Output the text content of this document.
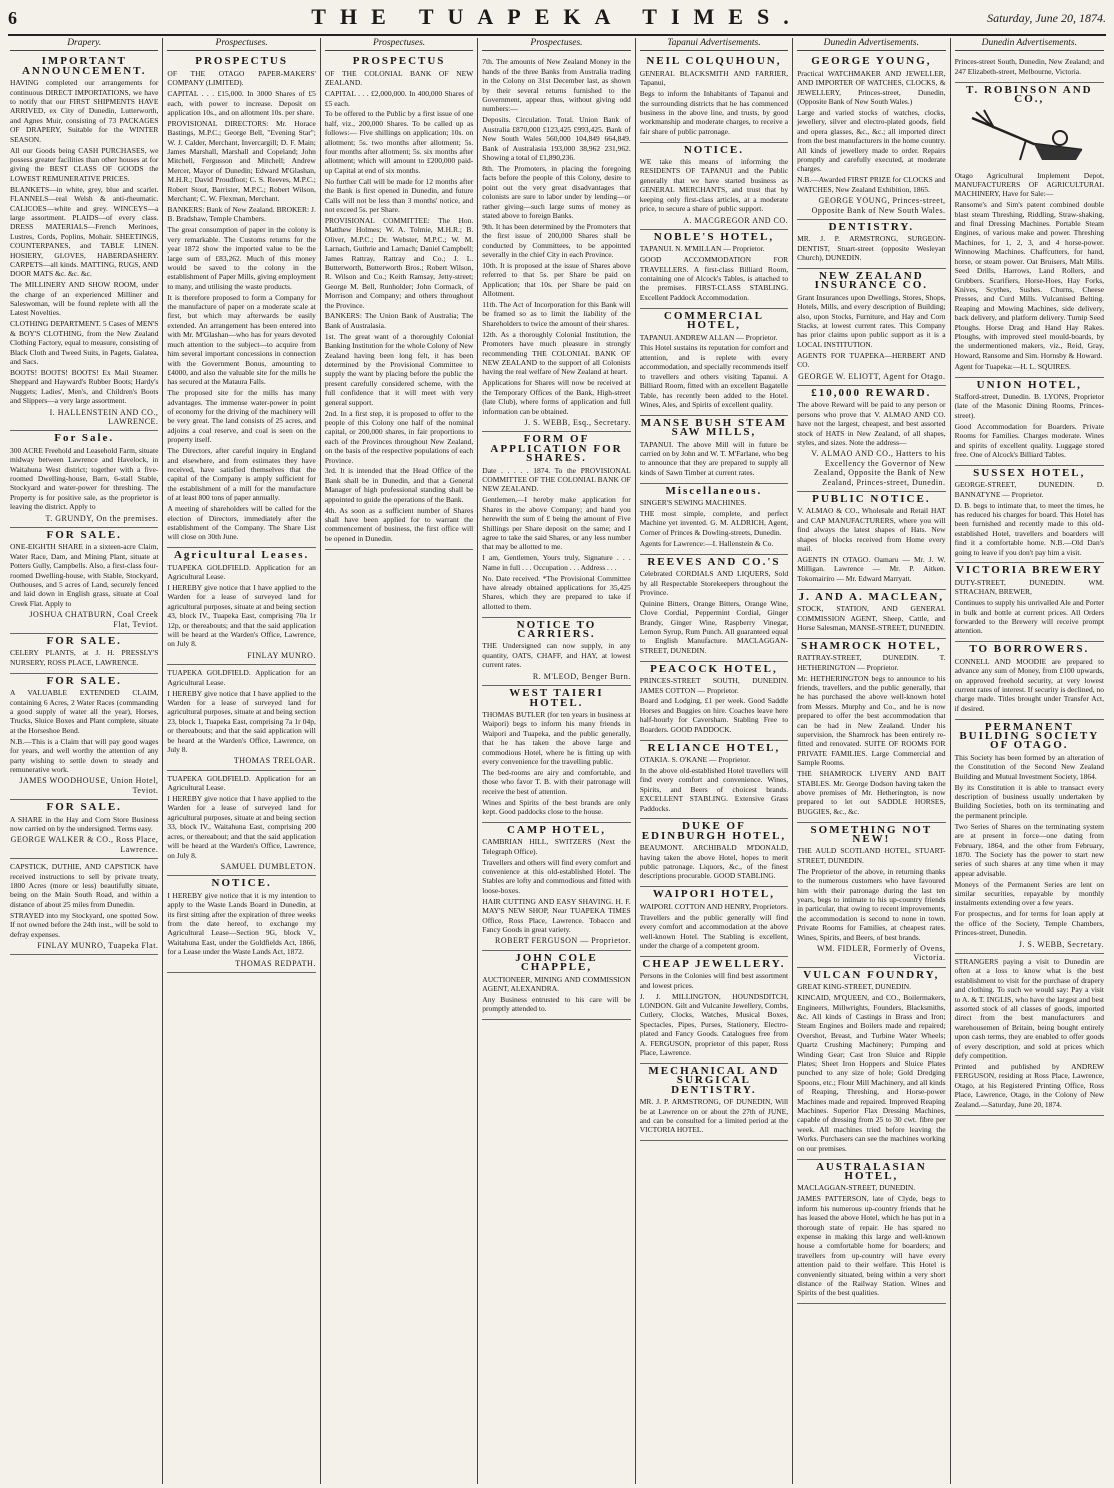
6	THE TUAPEKA TIMES.	Saturday, June 20, 1874.
Drapery.
IMPORTANT ANNOUNCEMENT.

HAVING completed our arrangements for continuous DIRECT IMPORTATIONS, we have to notify that our FIRST SHIPMENTS HAVE ARRIVED, ex City of Dunedin, Lutterworth, and Agnes Muir, consisting of 73 PACKAGES OF DRAPERY, Suitable for the WINTER SEASON.

All our Goods being CASH PURCHASES, we possess greater facilities than other houses at for giving the BEST CLASS OF GOODS the LOWEST REMUNERATIVE PRICES.

BLANKETS—in white, grey, blue and scarlet. FLANNELS—real Welsh & anti-rheumatic. CALICOES—white and grey. WINCEYS—a large assortment. PLAIDS—of every class. DRESS MATERIALS—French Merinoes, Lustres, Cords, Poplins, Mohair. SHEETINGS, COUNTERPANES, and TABLE LINEN. HOSIERY, GLOVES, HABERDASHERY. CARPETS—all kinds. MATTING, RUGS, AND DOOR MATS &c. &c. &c.

The MILLINERY AND SHOW ROOM, under the charge of an experienced Milliner and Saleswoman, will be found replete with all the Latest Novelties.

CLOTHING DEPARTMENT. 5 Cases of MEN'S & BOY'S CLOTHING, from the New Zealand Clothing Factory, equal to measure, consisting of Black Cloth and Tweed Suits, in Pagets, Galatea, and Sacs.

BOOTS! BOOTS! BOOTS! Ex Mail Steamer. Sheppard and Hayward's Rubber Boots; Hardy's Nuggets; Ladies', Men's, and Children's Boots and Slippers—a very large assortment.

I. HALLENSTEIN AND CO., LAWRENCE.
For Sale.

300 ACRE Freehold and Leasehold Farm, situate midway between Lawrence and Havelock, in Waitahuna West district; together with a five-roomed Dwelling-house, Barn, 6-stall Stable, Stockyard and water-power for threshing. The Property is for positive sale, as the proprietor is leaving the district. Apply to

T. GRUNDY, On the premises.
FOR SALE.

ONE-EIGHTH SHARE in a sixteen-acre Claim, Water Race, Dam, and Mining Plant, situate at Potters Gully, Campbells. Also, a first-class four-roomed Dwelling-house, with Stable, Stockyard, Outhouses, and 5 acres of Land, securely fenced and laid down in English grass, situate at Coal Creek Flat. Apply to

JOSHUA CHATBURN, Coal Creek Flat, Teviot.
FOR SALE.

CELERY PLANTS, at J. H. PRESSLY'S NURSERY, ROSS PLACE, LAWRENCE.

FOR SALE.

A VALUABLE EXTENDED CLAIM, containing 6 Acres, 2 Water Races (commanding a good supply of water all the year), Horses, Trucks, Sluice Boxes and Plant complete, situate at the Horseshoe Bend.

N.B.—This is a Claim that will pay good wages for years, and well worthy the attention of any party wishing to settle down to steady and remunerative work.

JAMES WOODHOUSE, Union Hotel, Teviot.
FOR SALE.

A SHARE in the Hay and Corn Store Business now carried on by the undersigned. Terms easy.

GEORGE WALKER & CO., Ross Place, Lawrence.

CAPSTICK, DUTHIE, AND CAPSTICK have received instructions to sell by private treaty, 1800 Acres (more or less) beautifully situate, being on the Main South Road, and within a distance of about 25 miles from Dunedin.

STRAYED into my Stockyard, one spotted Sow. If not owned before the 24th inst., will be sold to defray expenses.

FINLAY MUNRO, Tuapeka Flat.
Prospectuses.
PROSPECTUS

OF THE OTAGO PAPER-MAKERS' COMPANY (LIMITED).

CAPITAL . . . £15,000. In 3000 Shares of £5 each, with power to increase. Deposit on application 10s., and on allotment 10s. per share.

PROVISIONAL DIRECTORS: Mr. Horace Bastings, M.P.C.; George Bell, "Evening Star"; W. J. Calder, Merchant, Invercargill; D. F. Main; James Marshall, Marshall and Copeland; John Mitchell, Fergusson and Mitchell; Andrew Mercer, Mayor of Dunedin; Edward M'Glashan, M.H.R.; David Proudfoot; C. S. Reeves, M.P.C.; Robert Stout, Barrister, M.P.C.; Robert Wilson, Merchant; C. W. Flexman, Merchant.

BANKERS: Bank of New Zealand. BROKER: J. B. Bradshaw, Temple Chambers.

The great consumption of paper in the colony is very remarkable. The Customs returns for the year 1872 show the imported value to be the large sum of £83,262. Much of this money would be saved to the colony in the establishment of Paper Mills, giving employment to many, and utilising the waste products.

It is therefore proposed to form a Company for the manufacture of paper on a moderate scale at first, but which may afterwards be easily extended. An arrangement has been entered into with Mr. M'Glashan—who has for years devoted much attention to the subject—to acquire from him several important concessions in connection with the Government Bonus, amounting to £4000, and also the valuable site for the mills he has secured at the Mataura Falls.

The proposed site for the mills has many advantages. The immense water-power in point of economy for the driving of the machinery will be very great. The land consists of 25 acres, and adjoins a coal reserve, and coal is seen on the property itself.

The Directors, after careful inquiry in England and elsewhere, and from estimates they have received, have satisfied themselves that the capital of the Company is amply sufficient for the establishment of a mill for the manufacture of at least 800 tons of paper annually.

A meeting of shareholders will be called for the election of Directors, immediately after the establishment of the Company. The Share List will close on 30th June.

Agricultural Leases.

TUAPEKA GOLDFIELD. Application for an Agricultural Lease.

I HEREBY give notice that I have applied to the Warden for a lease of surveyed land for agricultural purposes, situate at and being section 43, block IV., Tuapeka East, comprising 70a 1r 12p, or thereabouts; and that the said application will be heard at the Warden's Office, Lawrence, on July 8.

FINLAY MUNRO.

TUAPEKA GOLDFIELD. Application for an Agricultural Lease.

I HEREBY give notice that I have applied to the Warden for a lease of surveyed land for agricultural purposes, situate at and being section 23, block 1, Tuapeka East, comprising 7a 1r 04p, or thereabouts; and that the said application will be heard at the Warden's Office, Lawrence, on July 8.

THOMAS TRELOAR.

TUAPEKA GOLDFIELD. Application for an Agricultural Lease.

I HEREBY give notice that I have applied to the Warden for a lease of surveyed land for agricultural purposes, situate at and being section 33, block IV., Waitahuna East, comprising 200 acres, or thereabout; and that the said application will be heard at the Warden's Office, Lawrence, on July 8.

SAMUEL DUMBLETON.
NOTICE.

I HEREBY give notice that it is my intention to apply to the Waste Lands Board in Dunedin, at its first sitting after the expiration of three weeks from the date hereof, to exchange my Agricultural Lease—Section 9G, block V., Waitahuna East, under the Goldfields Act, 1866, for a Lease under the Waste Lands Act, 1872.

THOMAS REDPATH.
Prospectuses.
PROSPECTUS

OF THE COLONIAL BANK OF NEW ZEALAND.

CAPITAL . . . £2,000,000. In 400,000 Shares of £5 each.

To be offered to the Public by a first issue of one half, viz., 200,000 Shares. To be called up as follows:— Five shillings on application; 10s. on allotment; 5s. two months after allotment; 5s. four months after allotment; 5s. six months after allotment; which will amount to £200,000 paid-up Capital at end of six months.

No further Call will be made for 12 months after the Bank is first opened in Dunedin, and future Calls will not be less than 3 months' notice, and not exceed 5s. per Share.

PROVISIONAL COMMITTEE: The Hon. Matthew Holmes; W. A. Tolmie, M.H.R.; B. Oliver, M.P.C.; Dr. Webster, M.P.C.; W. M. Larnach, Guthrie and Larnach; Daniel Campbell; James Rattray, Rattray and Co.; J. L. Butterworth, Butterworth Bros.; Robert Wilson, R. Wilson and Co.; Keith Ramsay, Jetty-street; George M. Bell, Runholder; John Cormack, of Morrison and Company; and others throughout the Province.

BANKERS: The Union Bank of Australia; The Bank of Australasia.

1st. The great want of a thoroughly Colonial Banking Institution for the whole Colony of New Zealand having been long felt, it has been determined by the Provisional Committee to supply the want by placing before the public the present carefully considered scheme, with the full confidence that it will meet with very general support.

2nd. In a first step, it is proposed to offer to the people of this Colony one half of the nominal capital, or 200,000 shares, in fair proportions to each of the Provinces throughout New Zealand, on the basis of the respective populations of each Province.

3rd. It is intended that the Head Office of the Bank shall be in Dunedin, and that a General Manager of high professional standing shall be appointed to guide the operations of the Bank.

4th. As soon as a sufficient number of Shares shall have been applied for to warrant the commencement of business, the first office will be opened in Dunedin.

Prospectuses.

7th. The amounts of New Zealand Money in the hands of the three Banks from Australia trading in the Colony on 31st December last, as shown by their several returns furnished to the Government, appear thus, without giving odd numbers:—

Deposits. Circulation. Total. Union Bank of Australia £870,000 £123,425 £993,425. Bank of New South Wales 560,000 104,849 664,849. Bank of Australasia 193,000 38,962 231,962. Showing a total of £1,890,236.

8th. The Promoters, in placing the foregoing facts before the people of this Colony, desire to point out the very great disadvantages that colonists are sure to labor under by lending—or rather giving—such large sums of money as stated above to foreign Banks.

9th. It has been determined by the Promoters that the first issue of 200,000 Shares shall be conducted by Committees, to be appointed severally in the chief City in each Province.

10th. It is proposed at the issue of Shares above referred to that 5s. per Share be paid on Application; that 10s. per Share be paid on Allotment.

11th. The Act of Incorporation for this Bank will be framed so as to limit the liability of the Shareholders to twice the amount of their shares.

12th. As a thoroughly Colonial Institution, the Promoters have much pleasure in strongly recommending THE COLONIAL BANK OF NEW ZEALAND to the support of all Colonists having the real welfare of New Zealand at heart.

Applications for Shares will now be received at the Temporary Offices of the Bank, High-street (late Club), where forms of application and full information can be obtained.

J. S. WEBB, Esq., Secretary.
FORM OF APPLICATION FOR SHARES.

Date . . . . . 1874. To the PROVISIONAL COMMITTEE OF THE COLONIAL BANK OF NEW ZEALAND.

Gentlemen,—I hereby make application for Shares in the above Company; and hand you herewith the sum of £ being the amount of Five Shillings per Share deposit on the same; and I agree to take the said Shares, or any less number that may be allotted to me.

I am, Gentlemen, Yours truly, Signature . . . Name in full . . . Occupation . . . Address . . .

No. Date received. *The Provisional Committee have already obtained applications for 35,425 Shares, which they are prepared to take if allotted to them.

NOTICE TO CARRIERS.

THE Undersigned can now supply, in any quantity, OATS, CHAFF, and HAY, at lowest current rates.

R. M'LEOD, Benger Burn.
WEST TAIERI HOTEL.

THOMAS BUTLER (for ten years in business at Waipori) begs to inform his many friends in Waipori and Tuapeka, and the public generally, that he has taken the above large and commodious Hotel, where he is fitting up with every convenience for the travelling public.

The bed-rooms are airy and comfortable, and those who favor T. B. with their patronage will receive the best of attention.

Wines and Spirits of the best brands are only kept. Good paddocks close to the house.

CAMP HOTEL,

CAMBRIAN HILL, SWITZERS (Next the Telegraph Office).

Travellers and others will find every comfort and convenience at this old-established Hotel. The Stables are lofty and commodious and fitted with loose-boxes.

HAIR CUTTING AND EASY SHAVING. H. F. MAY'S NEW SHOP, Near TUAPEKA TIMES Office, Ross Place, Lawrence. Tobacco and Fancy Goods in great variety.

ROBERT FERGUSON — Proprietor.
JOHN COLE CHAPPLE,

AUCTIONEER, MINING AND COMMISSION AGENT, ALEXANDRA.

Any Business entrusted to his care will be promptly attended to.

Tapanui Advertisements.
NEIL COLQUHOUN,

GENERAL BLACKSMITH AND FARRIER, Tapanui,

Begs to inform the Inhabitants of Tapanui and the surrounding districts that he has commenced business in the above line, and trusts, by good workmanship and moderate charges, to receive a fair share of public patronage.

NOTICE.

WE take this means of informing the RESIDENTS OF TAPANUI and the Public generally that we have started business as GENERAL MERCHANTS, and trust that by keeping only first-class articles, at a moderate price, to secure a share of public support.

A. MACGREGOR AND CO.
NOBLE'S HOTEL,

TAPANUI. N. M'MILLAN — Proprietor.

GOOD ACCOMMODATION FOR TRAVELLERS. A first-class Billiard Room, containing one of Alcock's Tables, is attached to the premises. FIRST-CLASS STABLING. Excellent Paddock Accommodation.

COMMERCIAL HOTEL,

TAPANUI. ANDREW ALLAN — Proprietor.

This Hotel sustains its reputation for comfort and attention, and is replete with every accommodation, and specially recommends itself to travellers and others visiting Tapanui. A Billiard Room, fitted with an excellent Bagatelle Table, has recently been added to the Hotel. Wines, Ales, and Spirits of excellent quality.

MANSE BUSH STEAM SAW MILLS,

TAPANUI. The above Mill will in future be carried on by John and W. T. M'Farlane, who beg to announce that they are prepared to supply all kinds of Sawn Timber at current rates.

Miscellaneous.

SINGER'S SEWING MACHINES.

THE most simple, complete, and perfect Machine yet invented. G. M. ALDRICH, Agent, Corner of Princes & Dowling-streets, Dunedin.

Agents for Lawrence:—I. Hallenstein & Co.

REEVES AND CO.'S

Celebrated CORDIALS AND LIQUERS, Sold by all Respectable Storekeepers throughout the Province.

Quinine Bitters, Orange Bitters, Orange Wine, Clove Cordial, Peppermint Cordial, Ginger Brandy, Ginger Wine, Raspberry Vinegar, Lemon Syrup, Rum Punch. All guaranteed equal to English Manufacture. MACLAGGAN-STREET, DUNEDIN.

PEACOCK HOTEL,

PRINCES-STREET SOUTH, DUNEDIN. JAMES COTTON — Proprietor.

Board and Lodging, £1 per week. Good Saddle Horses and Buggies on hire. Coaches leave here half-hourly for Caversham. Stabling Free to Boarders. GOOD PADDOCK.

RELIANCE HOTEL,

OTAKIA. S. O'KANE — Proprietor.

In the above old-established Hotel travellers will find every comfort and convenience. Wines, Spirits, and Beers of choicest brands. EXCELLENT STABLING. Extensive Grass Paddocks.

DUKE OF EDINBURGH HOTEL,

BEAUMONT. ARCHIBALD M'DONALD, having taken the above Hotel, hopes to merit public patronage. Liquors, &c., of the finest descriptions procurable. GOOD STABLING.

WAIPORI HOTEL,

WAIPORI. COTTON AND HENRY, Proprietors.

Travellers and the public generally will find every comfort and accommodation at the above well-known Hotel. The Stabling is excellent, under the charge of a competent groom.

CHEAP JEWELLERY.

Persons in the Colonies will find best assortment and lowest prices.

J. J. MILLINGTON, HOUNDSDITCH, LONDON. Gilt and Vulcanite Jewellery, Combs, Cutlery, Clocks, Watches, Musical Boxes, Spectacles, Pipes, Purses, Stationery, Electro-plated and Fancy Goods. Catalogues free from A. FERGUSON, proprietor of this paper, Ross Place, Lawrence.

MECHANICAL AND SURGICAL DENTISTRY.

MR. J. P. ARMSTRONG, OF DUNEDIN, Will be at Lawrence on or about the 27th of JUNE, and can be consulted for a limited period at the VICTORIA HOTEL.

Dunedin Advertisements.
GEORGE YOUNG,

Practical WATCHMAKER AND JEWELLER, AND IMPORTER OF WATCHES, CLOCKS, & JEWELLERY, Princes-street, Dunedin, (Opposite Bank of New South Wales.)

Large and varied stocks of watches, clocks, jewellery, silver and electro-plated goods, field and opera glasses, &c., &c.; all imported direct from the best manufacturers in the home country. All kinds of jewellery made to order. Repairs promptly and carefully executed, at moderate charges.

N.B.—Awarded FIRST PRIZE for CLOCKS and WATCHES, New Zealand Exhibition, 1865.

GEORGE YOUNG, Princes-street, Opposite Bank of New South Wales.
DENTISTRY.

MR. J. P. ARMSTRONG, SURGEON-DENTIST, Stuart-street (opposite Wesleyan Church), DUNEDIN.

NEW ZEALAND INSURANCE CO.

Grant Insurances upon Dwellings, Stores, Shops, Hotels, Mills, and every description of Building; also, upon Stocks, Furniture, and Hay and Corn Stacks, at lowest current rates. This Company has prior claims upon public support as it is a LOCAL INSTITUTION.

AGENTS FOR TUAPEKA—HERBERT AND CO.

GEORGE W. ELIOTT, Agent for Otago.
£10,000 REWARD.

The above Reward will be paid to any person or persons who prove that V. ALMAO AND CO. have not the largest, cheapest, and best assorted stock of HATS in New Zealand, of all shapes, styles, and sizes. Note the address—

V. ALMAO AND CO., Hatters to his Excellency the Governor of New Zealand, Opposite the Bank of New Zealand, Princes-street, Dunedin.
PUBLIC NOTICE.

V. ALMAO & CO., Wholesale and Retail HAT and CAP MANUFACTURERS, where you will find always the latest shapes of Hats. New shapes of blocks received from Home every mail.

AGENTS IN OTAGO. Oamaru — Mr. J. W. Milligan. Lawrence — Mr. P. Aitken. Tokomairiro — Mr. Edward Marryatt.

J. AND A. MACLEAN,

STOCK, STATION, AND GENERAL COMMISSION AGENT, Sheep, Cattle, and Horse Salesman, MANSE-STREET, DUNEDIN.

SHAMROCK HOTEL,

RATTRAY-STREET, DUNEDIN. T. HETHERINGTON — Proprietor.

Mr. HETHERINGTON begs to announce to his friends, travellers, and the public generally, that he has purchased the above well-known hotel from Messrs. Murphy and Co., and he is now prepared to offer the best accommodation that can be had in New Zealand. Under his supervision, the Shamrock has been entirely re-fitted and renovated. SUITE OF ROOMS FOR PRIVATE FAMILIES. Large Commercial and Sample Rooms.

THE SHAMROCK LIVERY AND BAIT STABLES. Mr. George Dodson having taken the above premises of Mr. Hetherington, is now prepared to let out SADDLE HORSES, BUGGIES, &c., &c.

SOMETHING NOT NEW!

THE AULD SCOTLAND HOTEL, STUART-STREET, DUNEDIN.

The Proprietor of the above, in returning thanks to the numerous customers who have favoured him with their patronage during the last ten years, begs to intimate to his up-country friends in particular, that owing to recent improvements, the accommodation is second to none in town. Private Rooms for Families, at cheapest rates. Wines, Spirits, and Beers, of best brands.

WM. FIDLER, Formerly of Ovens, Victoria.
VULCAN FOUNDRY,

GREAT KING-STREET, DUNEDIN.

KINCAID, M'QUEEN, and CO., Boilermakers, Engineers, Millwrights, Founders, Blacksmiths, &c. All kinds of Castings in Brass and Iron; Steam Engines and Boilers made and repaired; Overshot, Breast, and Turbine Water Wheels; Quartz Crushing Machinery; Pumping and Winding Gear; Cast Iron Sluice and Ripple Plates; Sheet Iron Hoppers and Sluice Plates punched to any size of hole; Gold Dredging Spoons, etc.; Flour Mill Machinery, and all kinds of Reaping, Threshing, and Horse-power Machines made and repaired. Improved Reaping Machines. Superior Flax Dressing Machines, capable of dressing from 25 to 30 cwt. fibre per week. All machines tried before leaving the Works. Purchasers can see the machines working on our premises.

AUSTRALASIAN HOTEL,

MACLAGGAN-STREET, DUNEDIN.

JAMES PATTERSON, late of Clyde, begs to inform his numerous up-country friends that he has leased the above Hotel, which he has put in a thorough state of repair. He has spared no expense in making this large and well-known house a comfortable home for boarders; and travellers from up-country will have every attention paid to their welfare. This Hotel is conveniently situated, being within a very short distance of the Railway Station. Wines and Spirits of the best qualities.

Dunedin Advertisements.

Princes-street South, Dunedin, New Zealand; and 247 Elizabeth-street, Melbourne, Victoria.

T. ROBINSON AND CO.,

Otago Agricultural Implement Depot, MANUFACTURERS OF AGRICULTURAL MACHINERY, Have for Sale:—

Ransome's and Sim's patent combined double blast steam Threshing, Riddling, Straw-shaking, and final Dressing Machines. Portable Steam Engines, of various make and power. Threshing Machines, for 1, 2, 3, and 4 horse-power. Winnowing Machines. Chaffcutters, for hand, horse, or steam power. Oat Bruisers, Malt Mills. Seed Drills, Harrows, Land Rollers, and Grubbers. Scarifiers, Horse-Hoes, Hay Forks, Knives, Scythes, Sushes. Churns, Cheese Presses, and Curd Mills. Vulcanised Belting. Reaping and Mowing Machines, side delivery, back delivery, and platform delivery. Turnip Seed Ploughs. Horse Drag and Hand Hay Rakes. Ploughs, with improved steel mould-boards, by the undermentioned makers, viz., Reid, Gray, Howard, Ransome and Sim. Hornsby & Howard.

Agent for Tuapeka:—H. L. SQUIRES.

UNION HOTEL,

Stafford-street, Dunedin. B. LYONS, Proprietor (late of the Masonic Dining Rooms, Princes-street).

Good Accommodation for Boarders. Private Rooms for Families. Charges moderate. Wines and spirits of excellent quality. Luggage stored free. One of Alcock's Billiard Tables.

SUSSEX HOTEL,

GEORGE-STREET, DUNEDIN. D. BANNATYNE — Proprietor.

D. B. begs to intimate that, to meet the times, he has reduced his charges for board. This Hotel has been furnished and recently made to this old-established Hotel, travellers and boarders will find it a comfortable home. N.B.—Old Dan's going to leave if you don't pay him a visit.

VICTORIA BREWERY

DUTY-STREET, DUNEDIN. WM. STRACHAN, BREWER,

Continues to supply his unrivalled Ale and Porter in bulk and bottle at current prices. All Orders forwarded to the Brewery will receive prompt attention.

TO BORROWERS.

CONNELL AND MOODIE are prepared to advance any sum of Money, from £100 upwards, on approved freehold security, at very lowest current rates of interest. If security is declined, no charge made. Titles brought under Transfer Act, if desired.

PERMANENT BUILDING SOCIETY OF OTAGO.

This Society has been formed by an alteration of the Constitution of the Second New Zealand Building and Mutual Investment Society, 1864.

By its Constitution it is able to transact every description of business usually undertaken by Building Societies, both on its terminating and the permanent principle.

Two Series of Shares on the terminating system are at present in force—one dating from February, 1864, and the other from February, 1870. The Society has the power to start new series of such shares at any time when it may appear advisable.

Moneys of the Permanent Series are lent on similar securities, repayable by monthly instalments extending over a few years.

For prospectus, and for terms for loan apply at the office of the Society, Temple Chambers, Princes-street, Dunedin.

J. S. WEBB, Secretary.

STRANGERS paying a visit to Dunedin are often at a loss to know what is the best establishment to visit for the purchase of drapery and clothing. To such we would say: Pay a visit to A. & T. INGLIS, who have the largest and best assorted stock of all classes of goods, imported direct from the best manufacturers and warehousemen of Britain, being bought entirely upon cash terms, they are enabled to offer goods of every description, and sold at prices which defy competition.

Printed and published by ANDREW FERGUSON, residing at Ross Place, Lawrence, Otago, at his Registered Printing Office, Ross Place, Lawrence, Otago, in the Colony of New Zealand.—Saturday, June 20, 1874.
